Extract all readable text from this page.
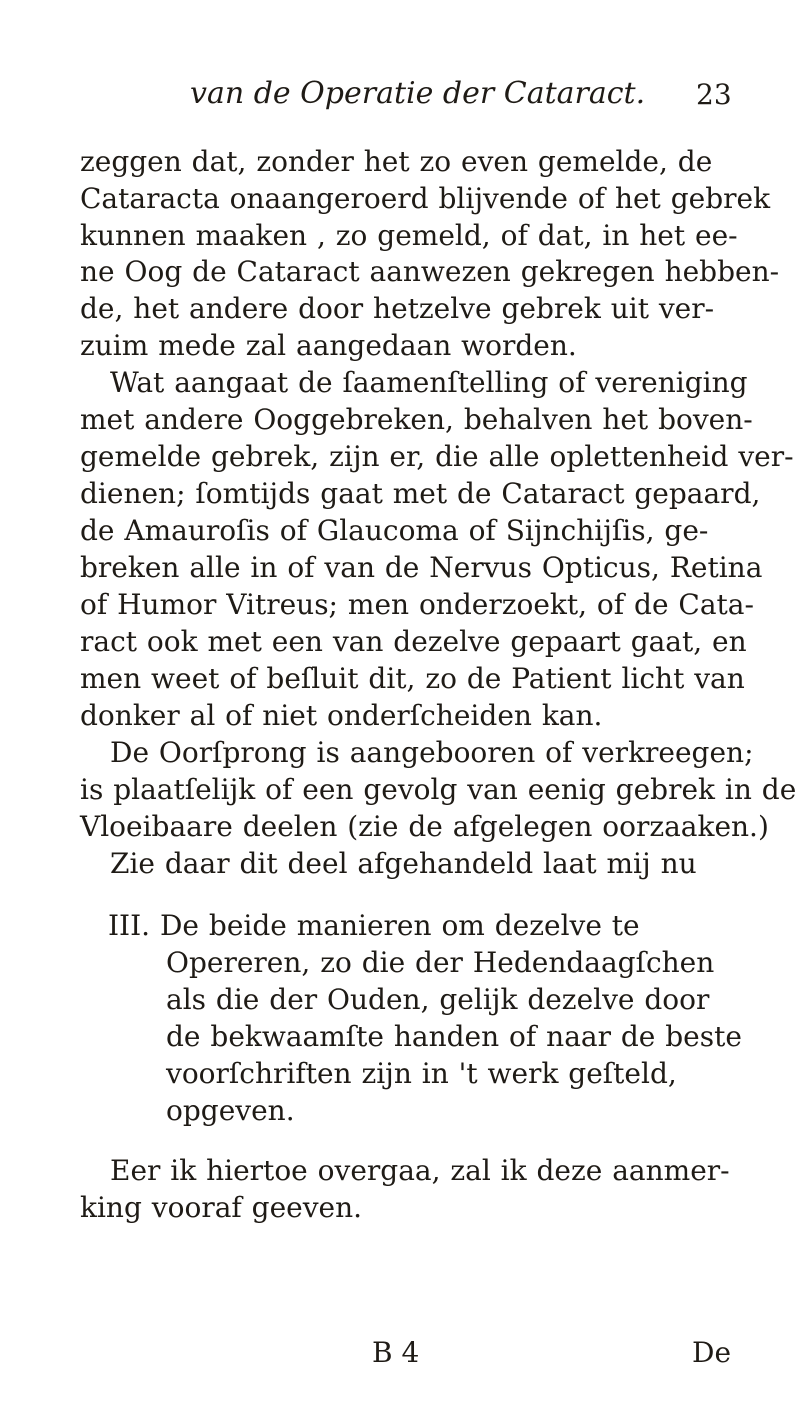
van de Operatie der Cataract. 23
zeggen dat, zonder het zo even gemelde, de
Cataracta onaangeroerd blijvende of het gebrek
kunnen maaken , zo gemeld, of dat, in het ee-
ne Oog de Cataract aanwezen gekregen hebben-
de, het andere door hetzelve gebrek uit ver-
zuim mede zal aangedaan worden.
Wat aangaat de ſaamenſtelling of vereniging
met andere Ooggebreken, behalven het boven-
gemelde gebrek, zijn er, die alle oplettenheid ver-
dienen; ſomtijds gaat met de Cataract gepaard,
de Amauroſis of Glaucoma of Sijnchijſis, ge-
breken alle in of van de Nervus Opticus, Retina
of Humor Vitreus; men onderzoekt, of de Cata-
ract ook met een van dezelve gepaart gaat, en
men weet of beſluit dit, zo de Patient licht van
donker al of niet onderſcheiden kan.
De Oorſprong is aangebooren of verkreegen;
is plaatſelijk of een gevolg van eenig gebrek in de
Vloeibaare deelen (zie de afgelegen oorzaaken.)
Zie daar dit deel afgehandeld laat mij nu
III. De beide manieren om dezelve te
Opereren, zo die der Hedendaagſchen
als die der Ouden, gelijk dezelve door
de bekwaamſte handen of naar de beste
voorſchriften zijn in 't werk geſteld,
opgeven.
Eer ik hiertoe overgaa, zal ik deze aanmer-
king vooraf geeven.
B 4	De
